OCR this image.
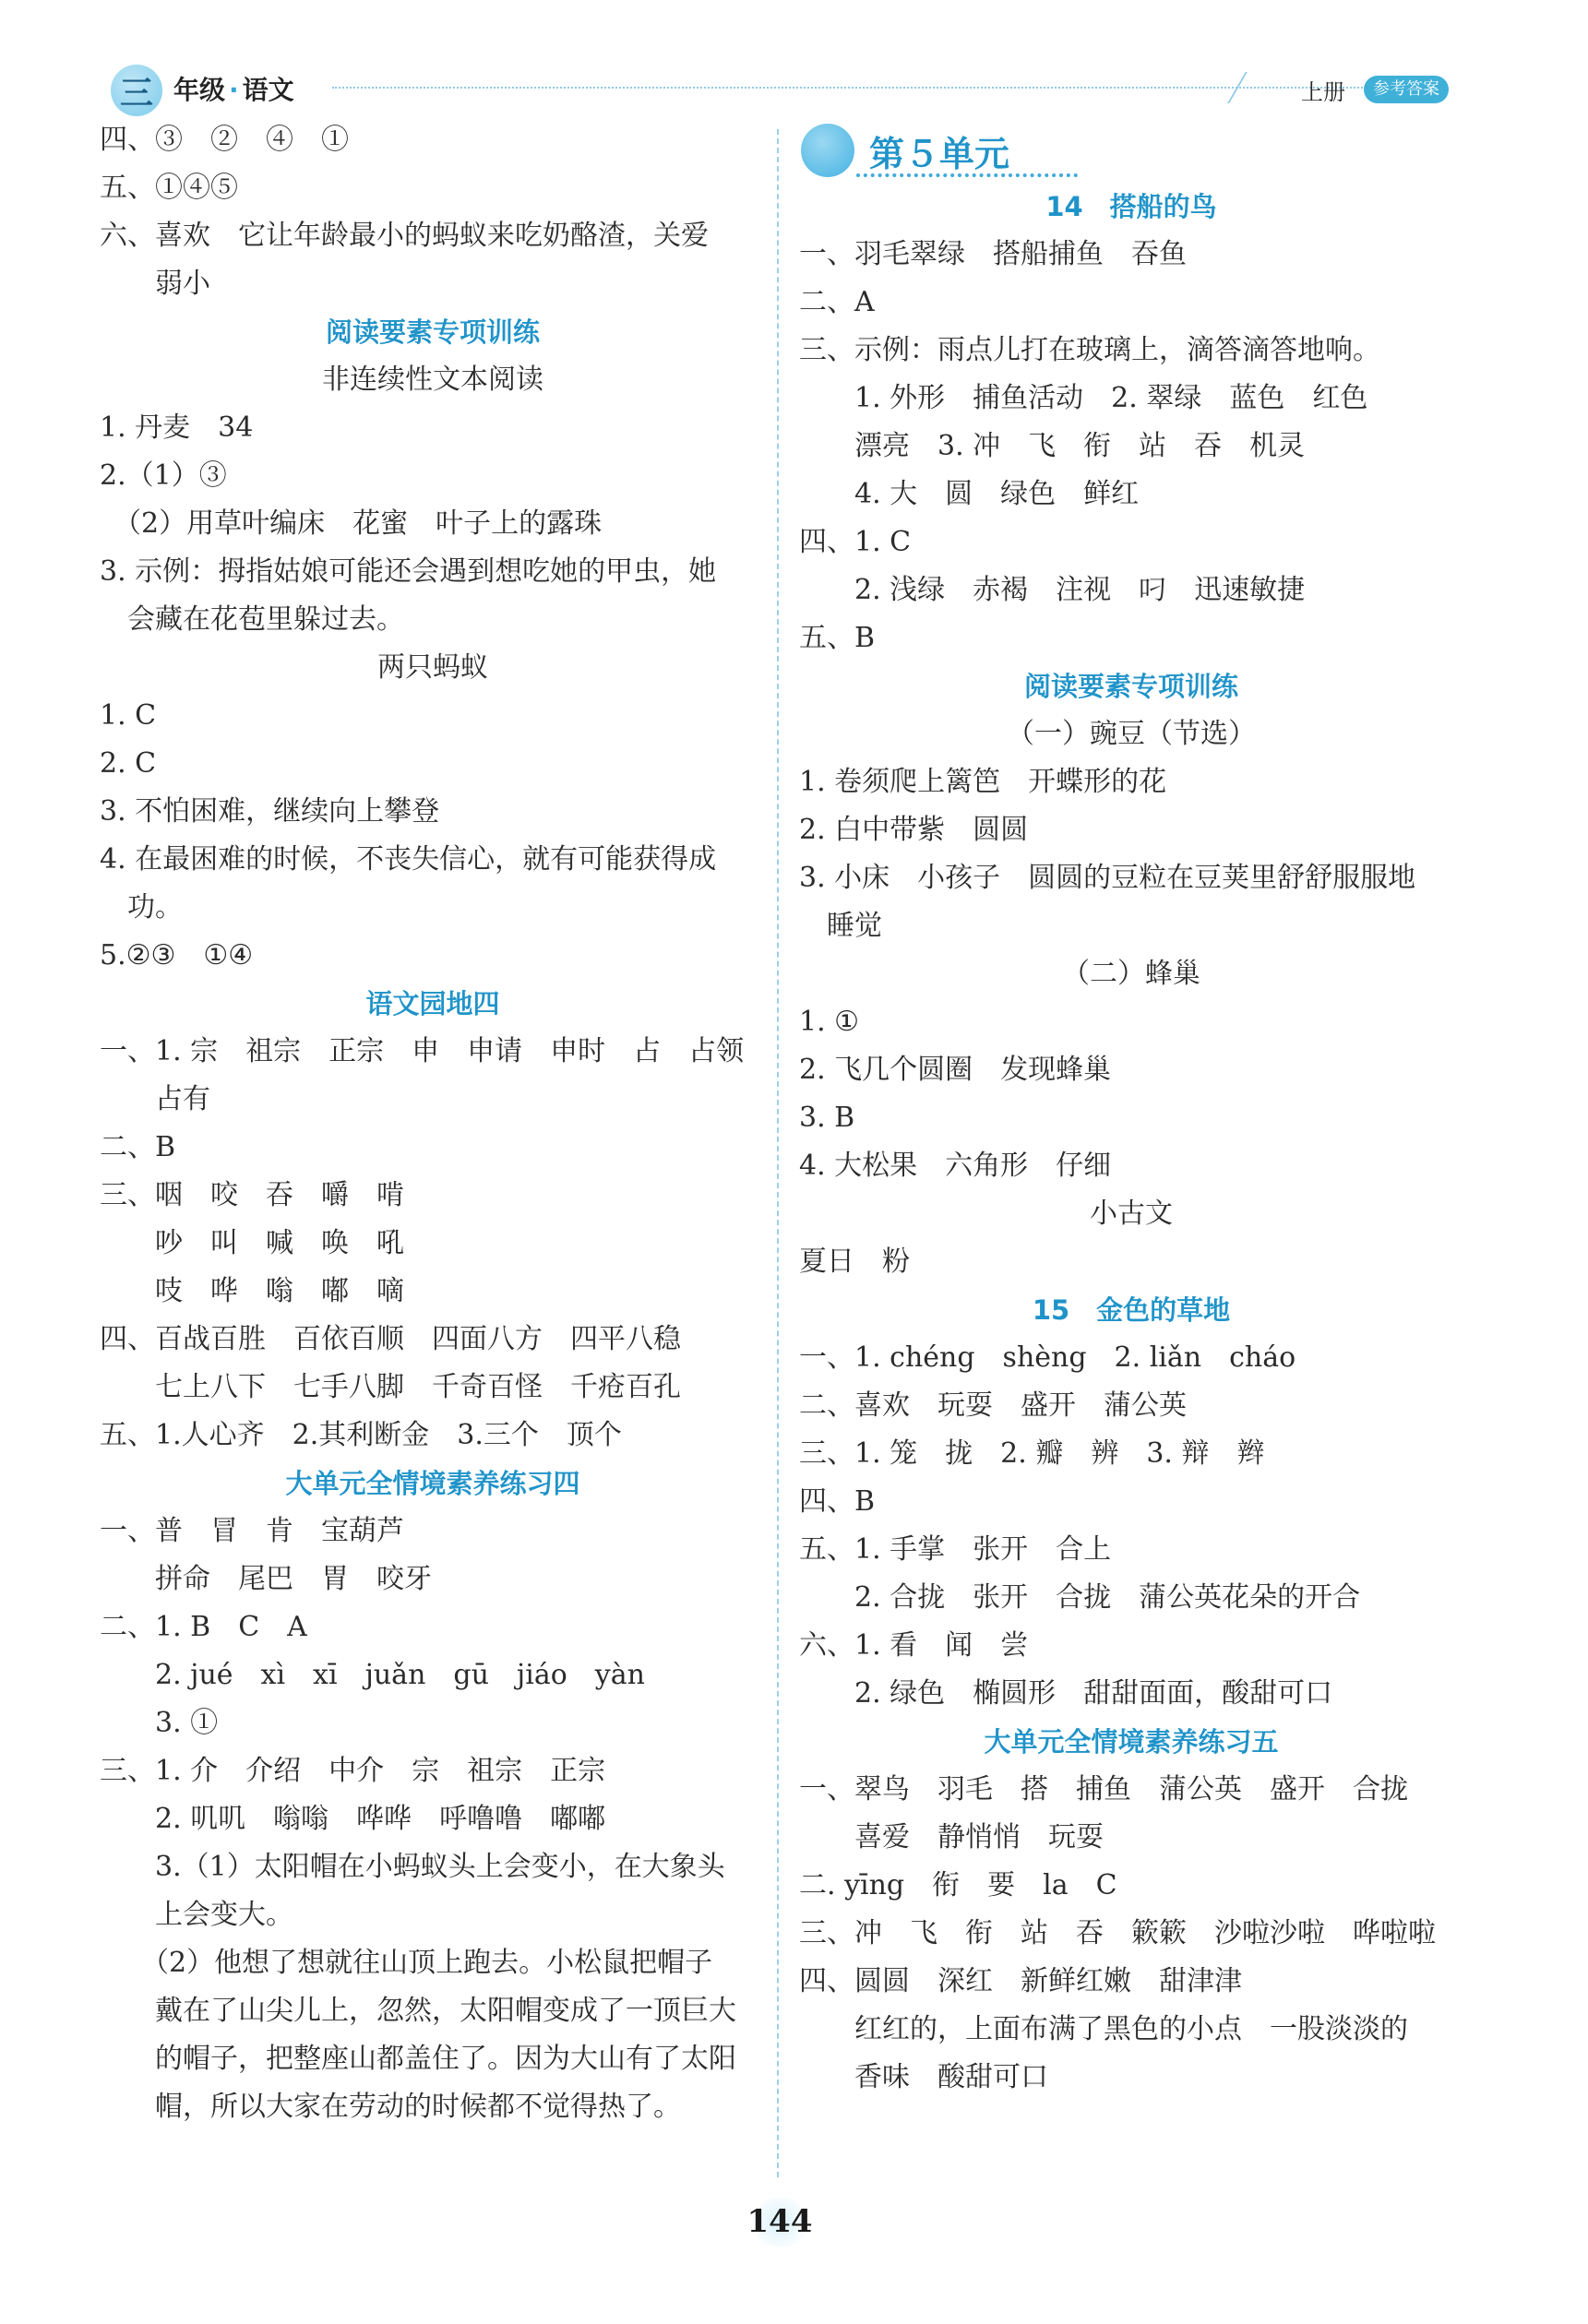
三 年级 · 语文	上册	参考答案
四、③　②　④　①
五、①④⑤
六、喜欢　它让年龄最小的蚂蚁来吃奶酪渣，关爱
　　弱小
阅读要素专项训练
非连续性文本阅读
1. 丹麦　34
2.（1）③
　（2）用草叶编床　花蜜　叶子上的露珠
3. 示例：拇指姑娘可能还会遇到想吃她的甲虫，她
　会藏在花苞里躲过去。
两只蚂蚁
1. C
2. C
3. 不怕困难，继续向上攀登
4. 在最困难的时候，不丧失信心，就有可能获得成
　功。
5.②③　①④
语文园地四
一、1. 宗　祖宗　正宗　申　申请　申时　占　占领
　　占有
二、B
三、咽　咬　吞　嚼　啃
　　吵　叫　喊　唤　吼
　　吱　哗　嗡　嘟　嘀
四、百战百胜　百依百顺　四面八方　四平八稳
　　七上八下　七手八脚　千奇百怪　千疮百孔
五、1.人心齐　2.其利断金　3.三个　顶个
大单元全情境素养练习四
一、普　冒　肯　宝葫芦
　　拼命　尾巴　胃　咬牙
二、1. B　C　A
　　2. jué　xì　xī　juǎn　gū　jiáo　yàn
　　3. ①
三、1. 介　介绍　中介　宗　祖宗　正宗
　　2. 叽叽　嗡嗡　哗哗　呼噜噜　嘟嘟
　　3.（1）太阳帽在小蚂蚁头上会变小，在大象头
　　上会变大。
　　（2）他想了想就往山顶上跑去。小松鼠把帽子
　　戴在了山尖儿上，忽然，太阳帽变成了一顶巨大
　　的帽子，把整座山都盖住了。因为大山有了太阳
　　帽，所以大家在劳动的时候都不觉得热了。
第５单元
14　搭船的鸟
一、羽毛翠绿　搭船捕鱼　吞鱼
二、A
三、示例：雨点儿打在玻璃上，滴答滴答地响。
　　1. 外形　捕鱼活动　2. 翠绿　蓝色　红色
　　漂亮　3. 冲　飞　衔　站　吞　机灵
　　4. 大　圆　绿色　鲜红
四、1. C
　　2. 浅绿　赤褐　注视　叼　迅速敏捷
五、B
阅读要素专项训练
（一）豌豆（节选）
1. 卷须爬上篱笆　开蝶形的花
2. 白中带紫　圆圆
3. 小床　小孩子　圆圆的豆粒在豆荚里舒舒服服地
　睡觉
（二）蜂巢
1. ①
2. 飞几个圆圈　发现蜂巢
3. B
4. 大松果　六角形　仔细
小古文
夏日　粉
15　金色的草地
一、1. chéng　shèng　2. liǎn　cháo
二、喜欢　玩耍　盛开　蒲公英
三、1. 笼　拢　2. 瓣　辨　3. 辩　辫
四、B
五、1. 手掌　张开　合上
　　2. 合拢　张开　合拢　蒲公英花朵的开合
六、1. 看　闻　尝
　　2. 绿色　椭圆形　甜甜面面，酸甜可口
大单元全情境素养练习五
一、翠鸟　羽毛　搭　捕鱼　蒲公英　盛开　合拢
　　喜爱　静悄悄　玩耍
二. yīng　衔　要　la　C
三、冲　飞　衔　站　吞　簌簌　沙啦沙啦　哗啦啦
四、圆圆　深红　新鲜红嫩　甜津津
　　红红的，上面布满了黑色的小点　一股淡淡的
　　香味　酸甜可口
144
